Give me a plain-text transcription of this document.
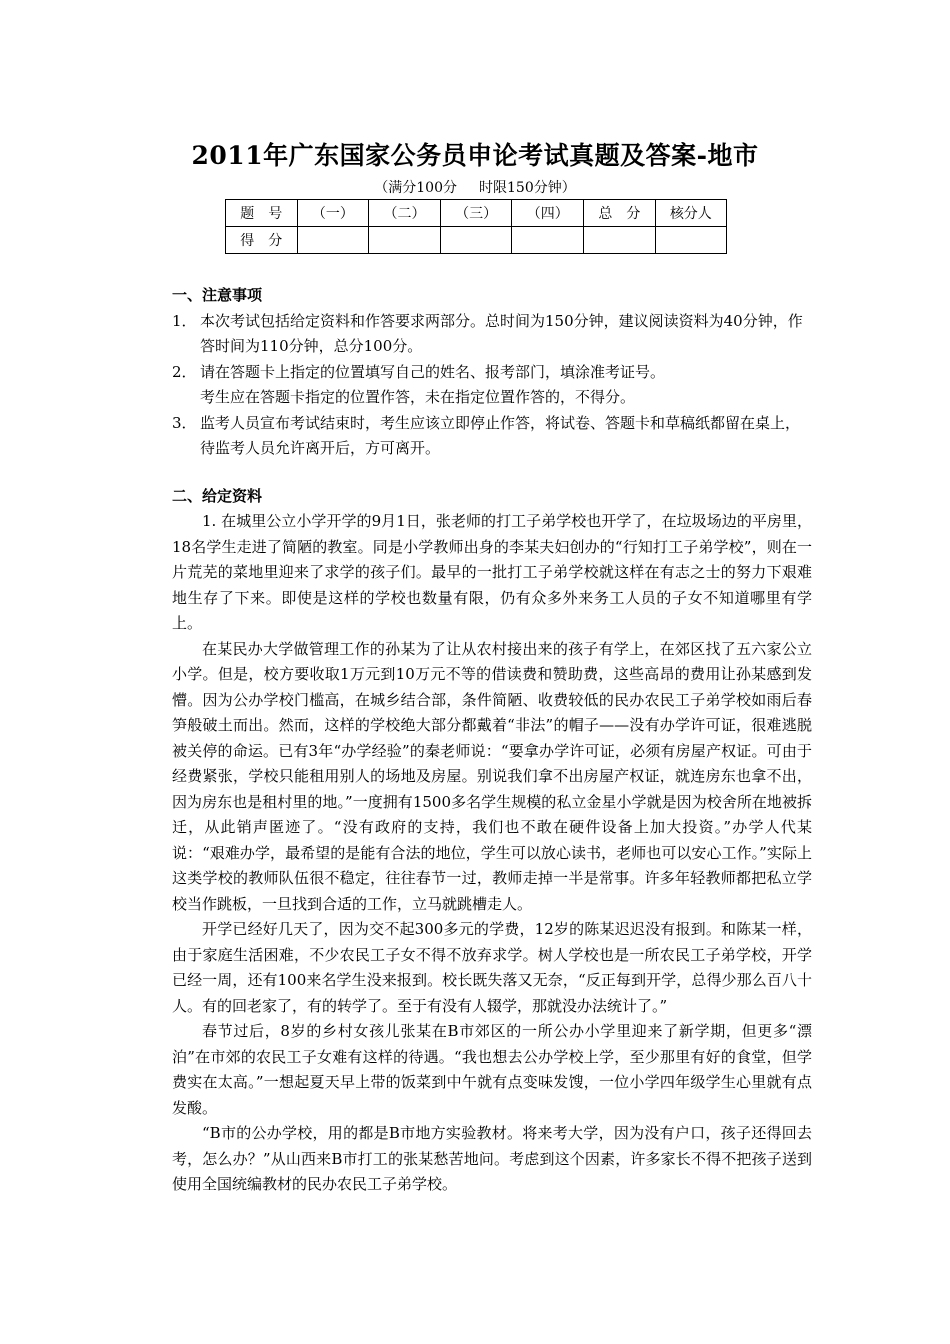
2011年广东国家公务员申论考试真题及答案-地市
（满分100分 时限150分钟）
题　号	（一）	（二）	（三）	（四）	总　分	核分人
得　分						

一、注意事项

1． 本次考试包括给定资料和作答要求两部分。总时间为150分钟，建议阅读资料为40分钟，作答时间为110分钟，总分100分。
2． 请在答题卡上指定的位置填写自己的姓名、报考部门，填涂准考证号。

考生应在答题卡指定的位置作答，未在指定位置作答的，不得分。

3． 监考人员宣布考试结束时，考生应该立即停止作答，将试卷、答题卡和草稿纸都留在桌上，待监考人员允许离开后，方可离开。

二、给定资料

1. 在城里公立小学开学的9月1日，张老师的打工子弟学校也开学了，在垃圾场边的平房里，18名学生走进了简陋的教室。同是小学教师出身的李某夫妇创办的“行知打工子弟学校”，则在一片荒芜的菜地里迎来了求学的孩子们。最早的一批打工子弟学校就这样在有志之士的努力下艰难地生存了下来。即使是这样的学校也数量有限，仍有众多外来务工人员的子女不知道哪里有学上。

在某民办大学做管理工作的孙某为了让从农村接出来的孩子有学上，在郊区找了五六家公立小学。但是，校方要收取1万元到10万元不等的借读费和赞助费，这些高昂的费用让孙某感到发懵。因为公办学校门槛高，在城乡结合部，条件简陋、收费较低的民办农民工子弟学校如雨后春笋般破土而出。然而，这样的学校绝大部分都戴着“非法”的帽子——没有办学许可证，很难逃脱被关停的命运。已有3年“办学经验”的秦老师说：“要拿办学许可证，必须有房屋产权证。可由于经费紧张，学校只能租用别人的场地及房屋。别说我们拿不出房屋产权证，就连房东也拿不出，因为房东也是租村里的地。”一度拥有1500多名学生规模的私立金星小学就是因为校舍所在地被拆迁，从此销声匿迹了。“没有政府的支持，我们也不敢在硬件设备上加大投资。”办学人代某说：“艰难办学，最希望的是能有合法的地位，学生可以放心读书，老师也可以安心工作。”实际上这类学校的教师队伍很不稳定，往往春节一过，教师走掉一半是常事。许多年轻教师都把私立学校当作跳板，一旦找到合适的工作，立马就跳槽走人。

开学已经好几天了，因为交不起300多元的学费，12岁的陈某迟迟没有报到。和陈某一样，由于家庭生活困难，不少农民工子女不得不放弃求学。树人学校也是一所农民工子弟学校，开学已经一周，还有100来名学生没来报到。校长既失落又无奈，“反正每到开学，总得少那么百八十人。有的回老家了，有的转学了。至于有没有人辍学，那就没办法统计了。”

春节过后，8岁的乡村女孩儿张某在B市郊区的一所公办小学里迎来了新学期，但更多“漂泊”在市郊的农民工子女难有这样的待遇。“我也想去公办学校上学，至少那里有好的食堂，但学费实在太高。”一想起夏天早上带的饭菜到中午就有点变味发馊，一位小学四年级学生心里就有点发酸。

“B市的公办学校，用的都是B市地方实验教材。将来考大学，因为没有户口，孩子还得回去考，怎么办？”从山西来B市打工的张某愁苦地问。考虑到这个因素，许多家长不得不把孩子送到使用全国统编教材的民办农民工子弟学校。
